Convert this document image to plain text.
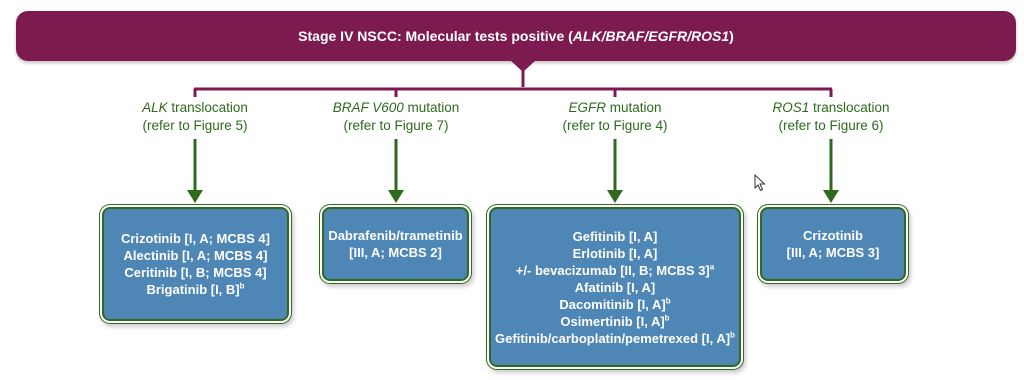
Stage IV NSCC: Molecular tests positive ( ALK/BRAF/EGFR/ROS1 )
ALK translocation
(refer to Figure 5)
BRAF V600 mutation
(refer to Figure 7)
EGFR mutation
(refer to Figure 4)
ROS1 translocation
(refer to Figure 6)
Crizotinib [I, A; MCBS 4]
Alectinib [I, A; MCBS 4]
Ceritinib [I, B; MCBS 4]
Brigatinib [I, B]$^b$
Dabrafenib/trametinib
[III, A; MCBS 2]
Gefitinib [I, A]
Erlotinib [I, A]
+/- bevacizumab [II, B; MCBS 3]$^a$
Afatinib [I, A]
Dacomitinib [I, A]$^b$
Osimertinib [I, A]$^b$
Gefitinib/carboplatin/pemetrexed [I, A]$^b$
Crizotinib
[III, A; MCBS 3]
